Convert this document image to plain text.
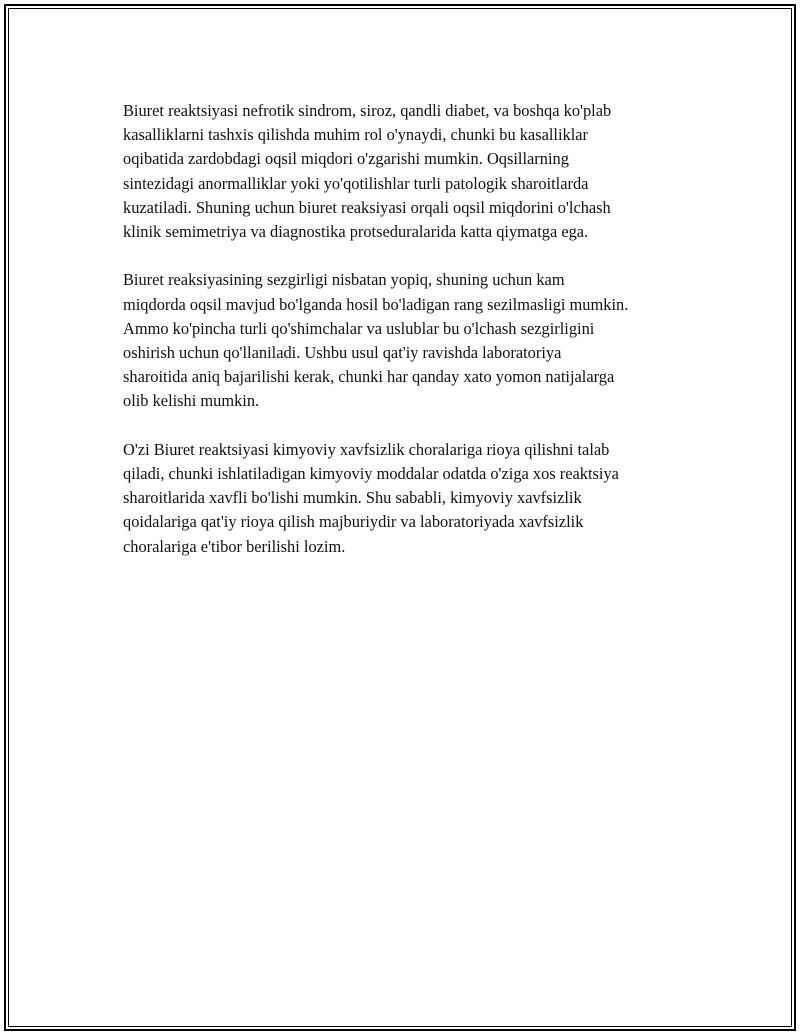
Biuret reaktsiyasi nefrotik sindrom, siroz, qandli diabet, va boshqa ko'plab
kasalliklarni tashxis qilishda muhim rol o'ynaydi, chunki bu kasalliklar
oqibatida zardobdagi oqsil miqdori o'zgarishi mumkin. Oqsillarning
sintezidagi anormalliklar yoki yo'qotilishlar turli patologik sharoitlarda
kuzatiladi. Shuning uchun biuret reaksiyasi orqali oqsil miqdorini o'lchash
klinik semimetriya va diagnostika protseduralarida katta qiymatga ega.

Biuret reaksiyasining sezgirligi nisbatan yopiq, shuning uchun kam
miqdorda oqsil mavjud bo'lganda hosil bo'ladigan rang sezilmasligi mumkin.
Ammo ko'pincha turli qo'shimchalar va uslublar bu o'lchash sezgirligini
oshirish uchun qo'llaniladi. Ushbu usul qat'iy ravishda laboratoriya
sharoitida aniq bajarilishi kerak, chunki har qanday xato yomon natijalarga
olib kelishi mumkin.

O'zi Biuret reaktsiyasi kimyoviy xavfsizlik choralariga rioya qilishni talab
qiladi, chunki ishlatiladigan kimyoviy moddalar odatda o'ziga xos reaktsiya
sharoitlarida xavfli bo'lishi mumkin. Shu sababli, kimyoviy xavfsizlik
qoidalariga qat'iy rioya qilish majburiydir va laboratoriyada xavfsizlik
choralariga e'tibor berilishi lozim.
